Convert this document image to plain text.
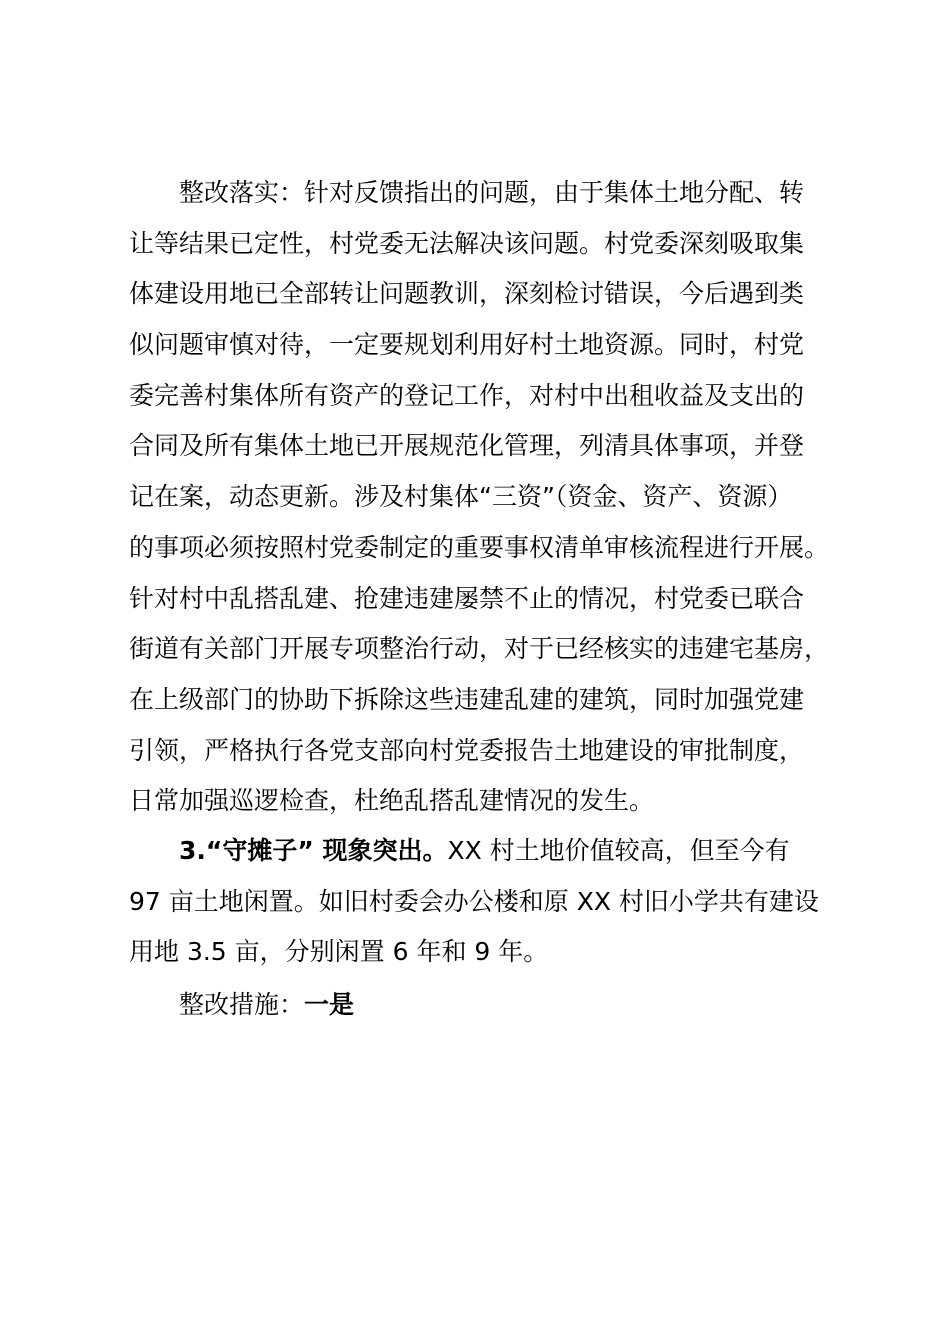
整改落实：针对反馈指出的问题，由于集体土地分配、转
让等结果已定性，村党委无法解决该问题。村党委深刻吸取集
体建设用地已全部转让问题教训，深刻检讨错误，今后遇到类
似问题审慎对待，一定要规划利用好村土地资源。同时，村党
委完善村集体所有资产的登记工作，对村中出租收益及支出的
合同及所有集体土地已开展规范化管理，列清具体事项，并登
记在案，动态更新。涉及村集体“三资”（资金、资产、资源）
的事项必须按照村党委制定的重要事权清单审核流程进行开展。
针对村中乱搭乱建、抢建违建屡禁不止的情况，村党委已联合
街道有关部门开展专项整治行动，对于已经核实的违建宅基房，
在上级部门的协助下拆除这些违建乱建的建筑，同时加强党建
引领，严格执行各党支部向村党委报告土地建设的审批制度，
日常加强巡逻检查，杜绝乱搭乱建情况的发生。
3.“守摊子” 现象突出。XX 村土地价值较高，但至今有
97 亩土地闲置。如旧村委会办公楼和原 XX 村旧小学共有建设
用地 3.5 亩，分别闲置 6 年和 9 年。
整改措施：一是
